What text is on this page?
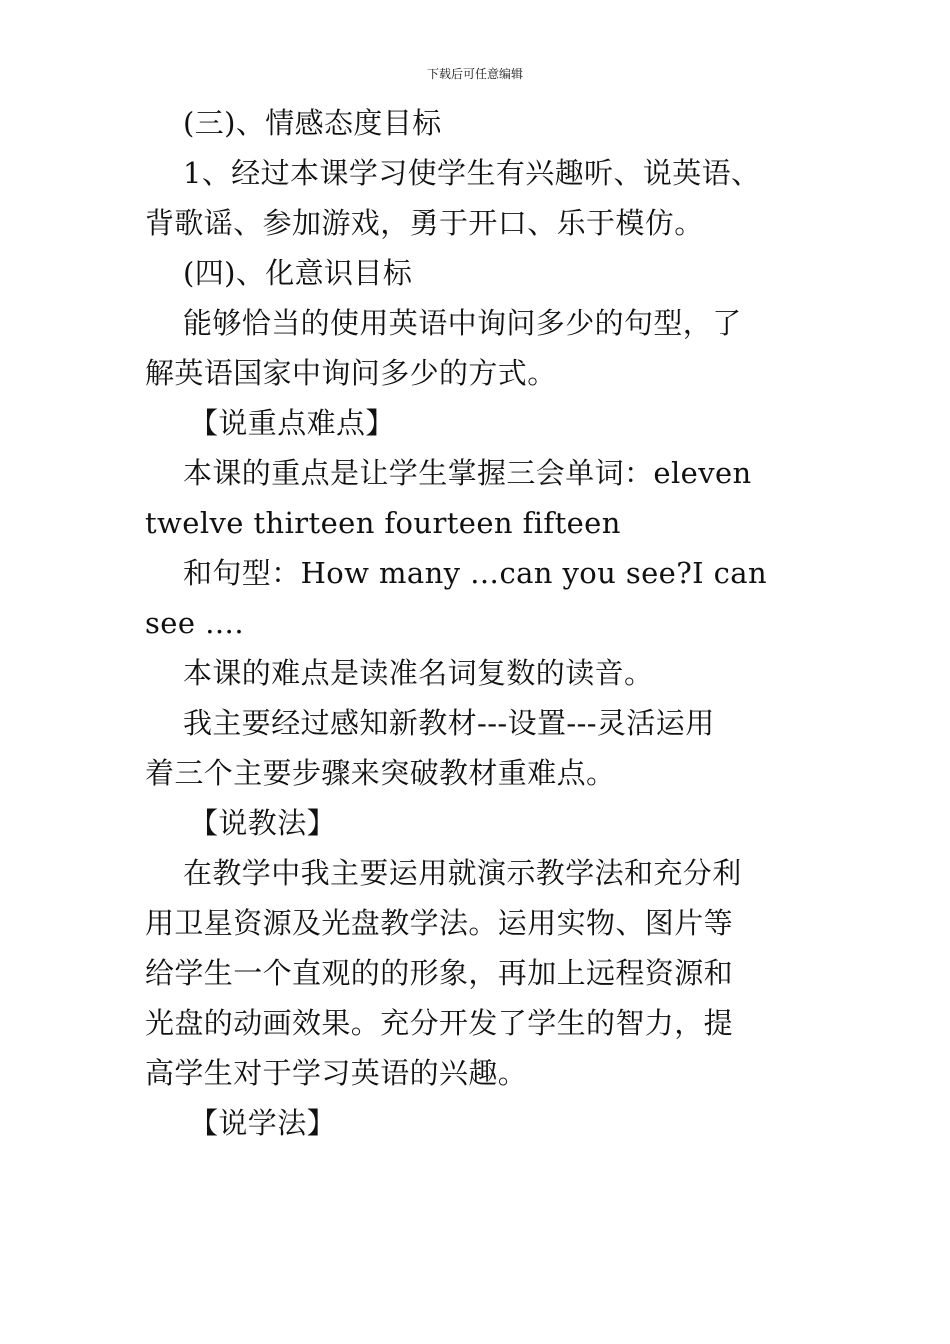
下载后可任意编辑
(三)、情感态度目标
1、经过本课学习使学生有兴趣听、说英语、
背歌谣、参加游戏，勇于开口、乐于模仿。
(四)、化意识目标
能够恰当的使用英语中询问多少的句型，了
解英语国家中询问多少的方式。
【说重点难点】
本课的重点是让学生掌握三会单词：eleven
twelve thirteen fourteen fifteen
和句型：How many …can you see?I can
see ….
本课的难点是读准名词复数的读音。
我主要经过感知新教材---设置---灵活运用
着三个主要步骤来突破教材重难点。
【说教法】
在教学中我主要运用就演示教学法和充分利
用卫星资源及光盘教学法。运用实物、图片等
给学生一个直观的的形象，再加上远程资源和
光盘的动画效果。充分开发了学生的智力，提
高学生对于学习英语的兴趣。
【说学法】
